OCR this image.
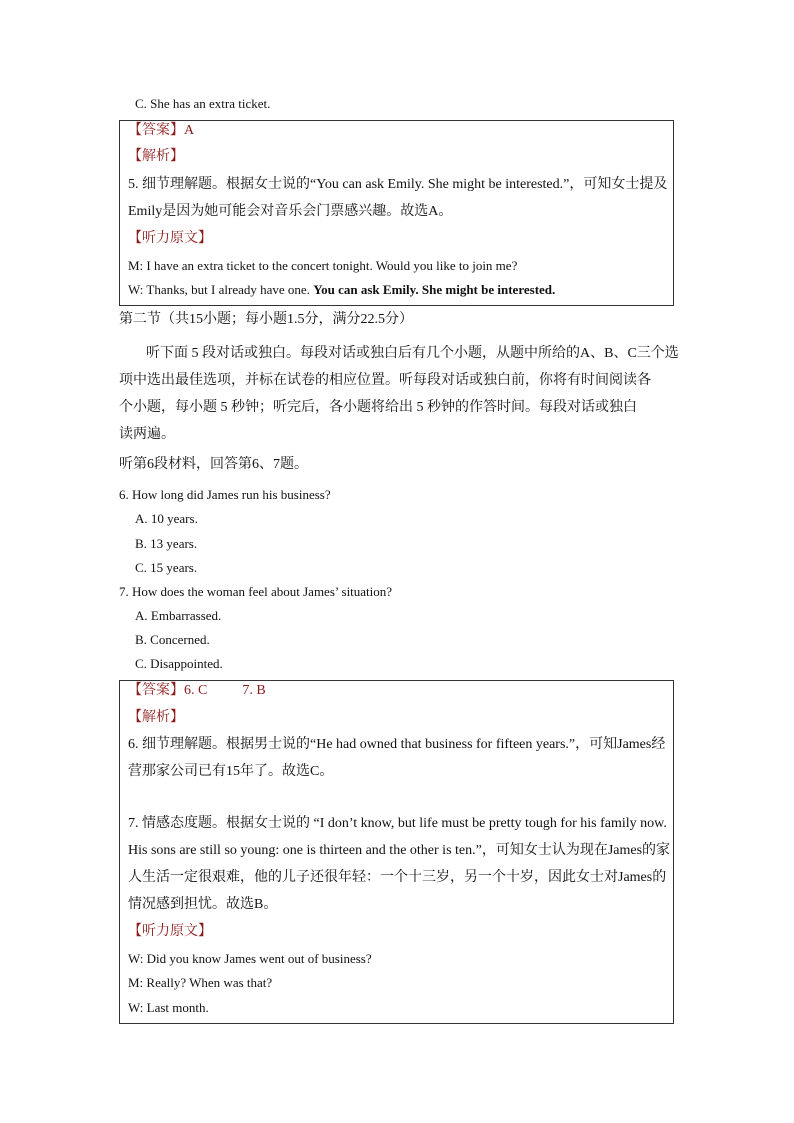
C. She has an extra ticket.
【答案】A
【解析】
5. 细节理解题。根据女士说的“You can ask Emily. She might be interested.”，可知女士提及
Emily是因为她可能会对音乐会门票感兴趣。故选A。
【听力原文】
M: I have an extra ticket to the concert tonight. Would you like to join me?
W: Thanks, but I already have one. You can ask Emily. She might be interested.
第二节（共15小题；每小题1.5分，满分22.5分）
听下面 5 段对话或独白。每段对话或独白后有几个小题，从题中所给的A、B、C三个选
项中选出最佳选项，并标在试卷的相应位置。听每段对话或独白前，你将有时间阅读各
个小题，每小题 5 秒钟；听完后，各小题将给出 5 秒钟的作答时间。每段对话或独白
读两遍。
听第6段材料，回答第6、7题。
6. How long did James run his business?
A. 10 years.
B. 13 years.
C. 15 years.
7. How does the woman feel about James’ situation?
A. Embarrassed.
B. Concerned.
C. Disappointed.
【答案】6. C          7. B
【解析】
6. 细节理解题。根据男士说的“He had owned that business for fifteen years.”，可知James经
营那家公司已有15年了。故选C。
7. 情感态度题。根据女士说的 “I don’t know, but life must be pretty tough for his family now.
His sons are still so young: one is thirteen and the other is ten.”，可知女士认为现在James的家
人生活一定很艰难，他的儿子还很年轻：一个十三岁，另一个十岁，因此女士对James的
情况感到担忧。故选B。
【听力原文】
W: Did you know James went out of business?
M: Really? When was that?
W: Last month.
